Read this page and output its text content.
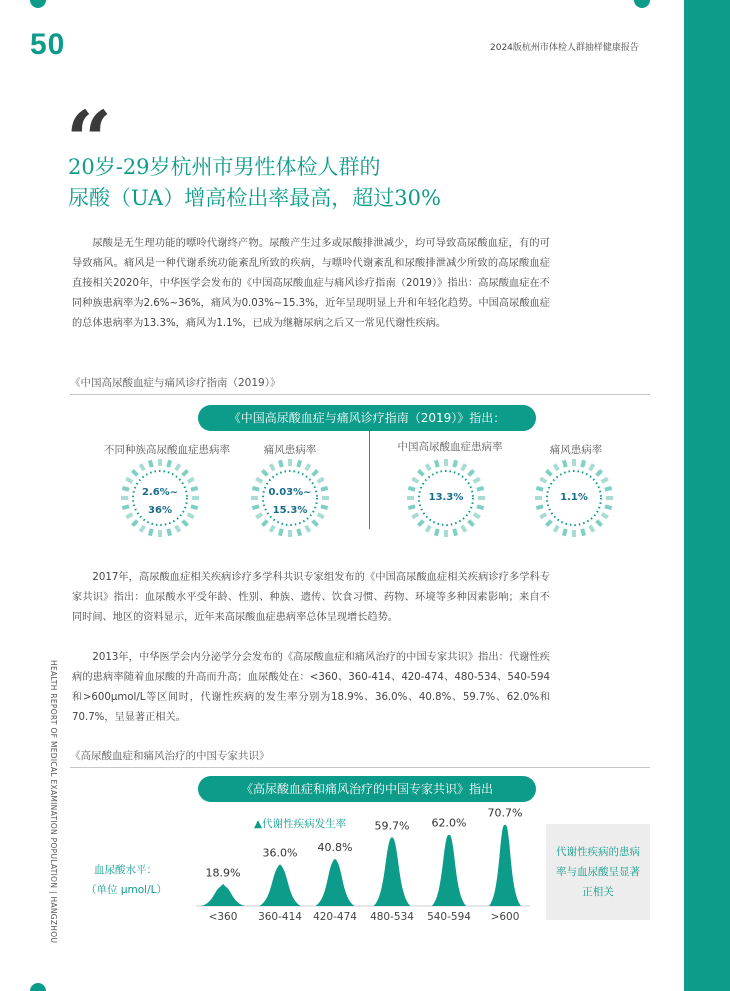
50	2024版杭州市体检人群抽样健康报告
“
20岁-29岁杭州市男性体检人群的
尿酸（UA）增高检出率最高，超过30%

尿酸是无生理功能的嘌呤代谢终产物。尿酸产生过多或尿酸排泄减少，均可导致高尿酸血症，有的可导致痛风。痛风是一种代谢系统功能紊乱所致的疾病，与嘌呤代谢紊乱和尿酸排泄减少所致的高尿酸血症直接相关2020年，中华医学会发布的《中国高尿酸血症与痛风诊疗指南（2019）》指出：高尿酸血症在不同种族患病率为2.6%~36%，痛风为0.03%~15.3%，近年呈现明显上升和年轻化趋势。中国高尿酸血症的总体患病率为13.3%，痛风为1.1%，已成为继糖尿病之后又一常见代谢性疾病。

《中国高尿酸血症与痛风诊疗指南（2019）》
《中国高尿酸血症与痛风诊疗指南（2019）》指出：
不同种族高尿酸血症患病率	痛风患病率	中国高尿酸血症患病率	痛风患病率
2.6%~
36%
0.03%~
15.3%
13.3%	1.1%

2017年，高尿酸血症相关疾病诊疗多学科共识专家组发布的《中国高尿酸血症相关疾病诊疗多学科专家共识》指出：血尿酸水平受年龄、性别、种族、遗传、饮食习惯、药物、环境等多种因素影响；来自不同时间、地区的资料显示，近年来高尿酸血症患病率总体呈现增长趋势。

2013年，中华医学会内分泌学分会发布的《高尿酸血症和痛风治疗的中国专家共识》指出：代谢性疾病的患病率随着血尿酸的升高而升高；血尿酸处在：<360、360-414、420-474、480-534、540-594和>600μmol/L等区间时，代谢性疾病的发生率分别为18.9%、36.0%、40.8%、59.7%、62.0%和70.7%，呈显著正相关。

HEALTH REPORT OF MEDICAL EXAMINATION POPULATION | HANGZHOU 《高尿酸血症和痛风治疗的中国专家共识》
《高尿酸血症和痛风治疗的中国专家共识》指出
▲代谢性疾病发生率
血尿酸水平：
（单位 μmol/L）
代谢性疾病的患病
率与血尿酸呈显著
正相关
18.9%
<360
36.0%
360-414
40.8%
420-474
59.7%
480-534
62.0%
540-594
70.7%
>600
